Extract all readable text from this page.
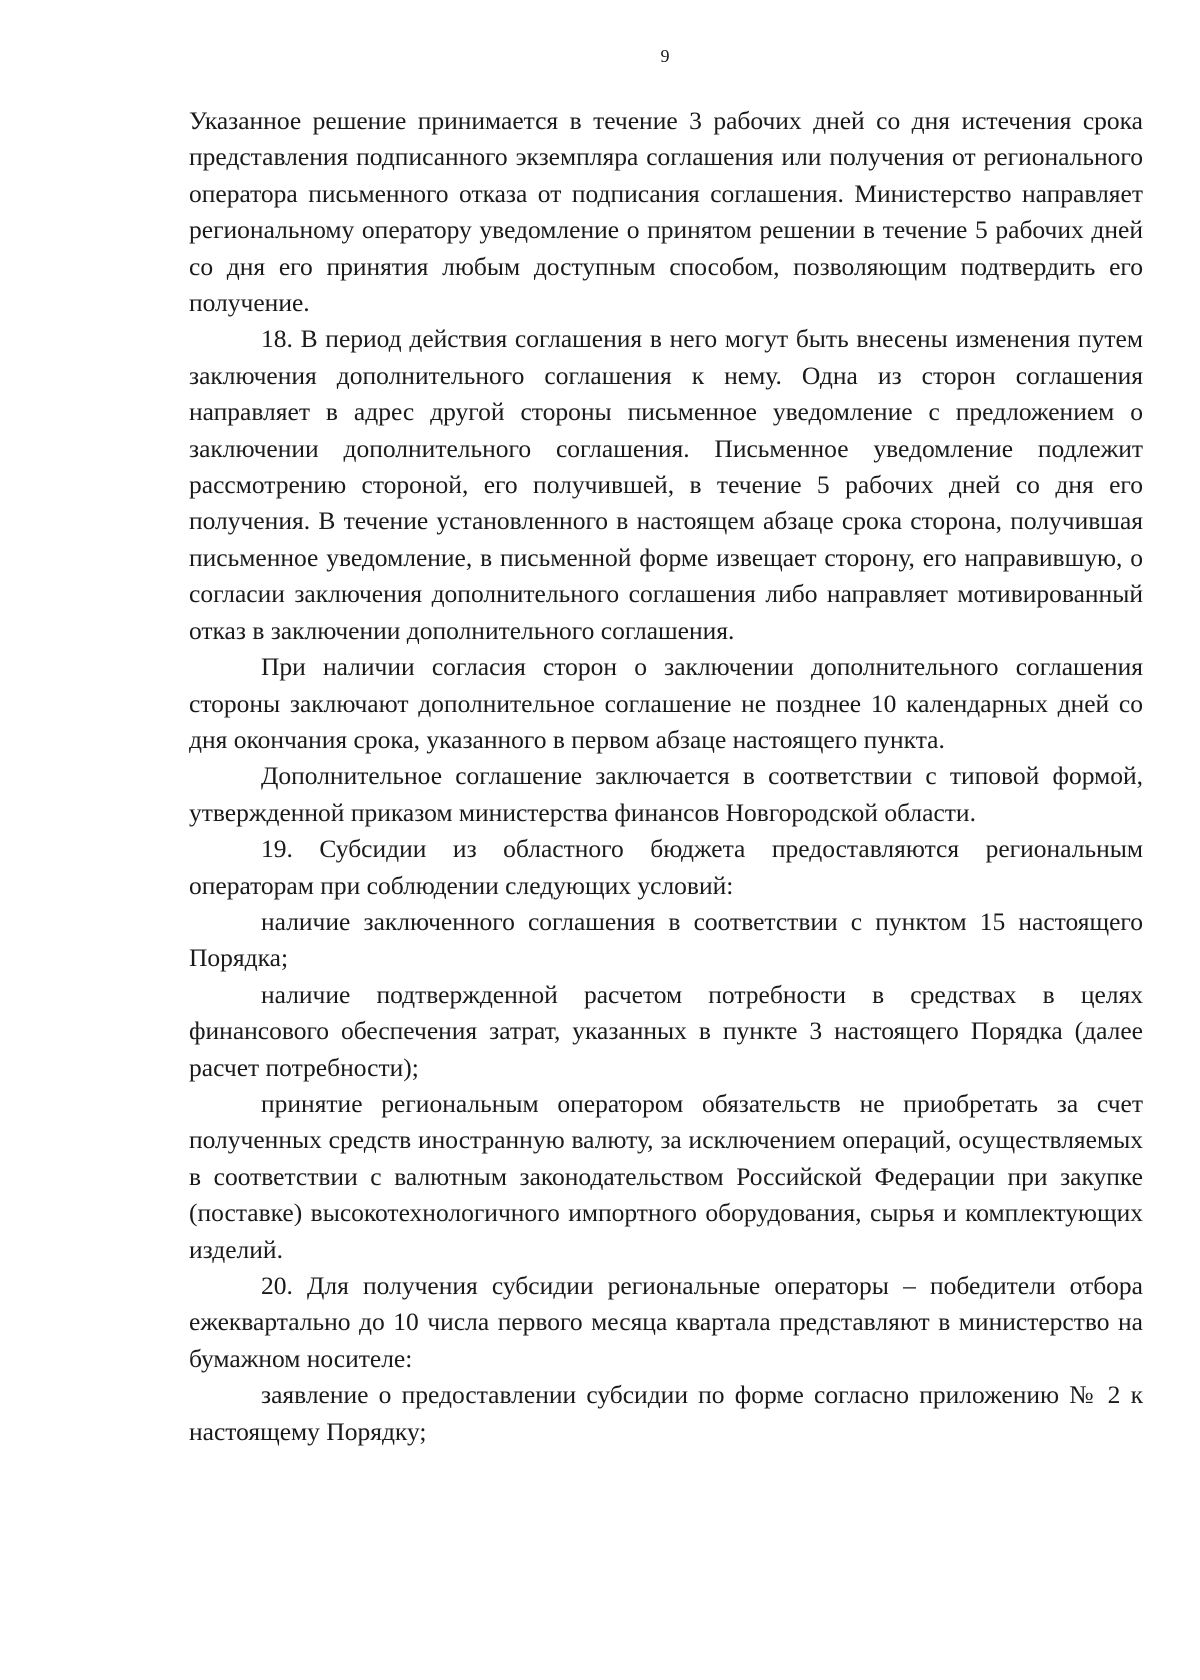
9

Указанное решение принимается в течение 3 рабочих дней со дня истечения срока представления подписанного экземпляра соглашения или получения от регионального оператора письменного отказа от подписания соглашения. Министерство направляет региональному оператору уведомление о принятом решении в течение 5 рабочих дней со дня его принятия любым доступным способом, позволяющим подтвердить его получение.

18. В период действия соглашения в него могут быть внесены изменения путем заключения дополнительного соглашения к нему. Одна из сторон соглашения направляет в адрес другой стороны письменное уведомление с предложением о заключении дополнительного соглашения. Письменное уведомление подлежит рассмотрению стороной, его получившей, в течение 5 рабочих дней со дня его получения. В течение установленного в настоящем абзаце срока сторона, получившая письменное уведомление, в письменной форме извещает сторону, его направившую, о согласии заключения дополнительного соглашения либо направляет мотивированный отказ в заключении дополнительного соглашения.

При наличии согласия сторон о заключении дополнительного соглашения стороны заключают дополнительное соглашение не позднее 10 календарных дней со дня окончания срока, указанного в первом абзаце настоящего пункта.

Дополнительное соглашение заключается в соответствии с типовой формой, утвержденной приказом министерства финансов Новгородской области.

19. Субсидии из областного бюджета предоставляются региональным операторам при соблюдении следующих условий:

наличие заключенного соглашения в соответствии с пунктом 15 настоящего Порядка;

наличие подтвержденной расчетом потребности в средствах в целях финансового обеспечения затрат, указанных в пункте 3 настоящего Порядка (далее расчет потребности);

принятие региональным оператором обязательств не приобретать за счет полученных средств иностранную валюту, за исключением операций, осуществляемых в соответствии с валютным законодательством Российской Федерации при закупке (поставке) высокотехнологичного импортного оборудования, сырья и комплектующих изделий.

20. Для получения субсидии региональные операторы – победители отбора ежеквартально до 10 числа первого месяца квартала представляют в министерство на бумажном носителе:

заявление о предоставлении субсидии по форме согласно приложению № 2 к настоящему Порядку;
